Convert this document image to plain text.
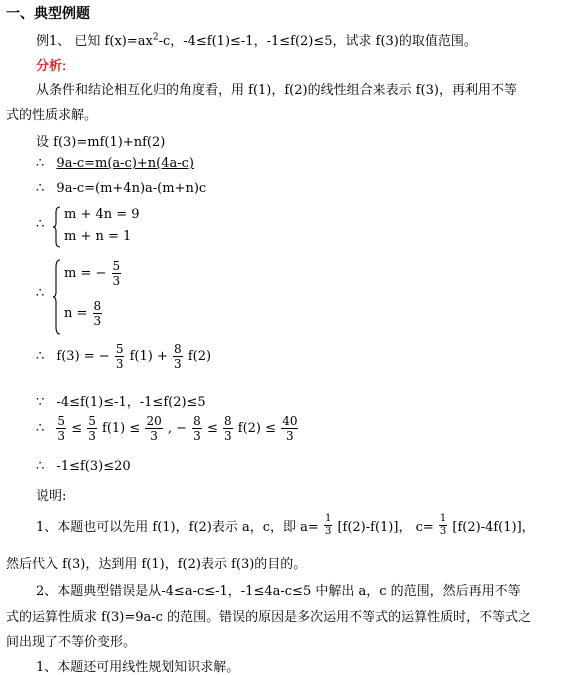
一、典型例题
例1、 已知 $f(x)=ax^2-c$，-4≤f(1)≤-1，-1≤f(2)≤5，试求 f(3)的取值范围。
分析:
从条件和结论相互化归的角度看，用 f(1)，f(2)的线性组合来表示 f(3)，再利用不等
式的性质求解。
设 f(3)=mf(1)+nf(2)
∴ 9a-c=m(a-c)+n(4a-c)
∴ 9a-c=(m+4n)a-(m+n)c
∴
m + 4n = 9
m + n = 1
∴
m = − $\frac{5}{3}$
$n = \frac{8}{3}$
∴ f(3) = − $\frac{5}{3} f(1) + \frac{8}{3} f(2)$
∵ -4≤f(1)≤-1，-1≤f(2)≤5
∴ $\frac{5}{3} \le \frac{5}{3} f(1) \le \frac{20}{3}$ , − $\frac{8}{3} \le \frac{8}{3} f(2) \le \frac{40}{3}$
∴ -1≤f(3)≤20
说明:
1、本题也可以先用 f(1)，f(2)表示 a，c，即 $a= \frac{1}{3} [f(2)-f(1)]$， $c= \frac{1}{3} [f(2)-4f(1)]$，
然后代入 f(3)，达到用 f(1)，f(2)表示 f(3)的目的。
2、本题典型错误是从-4≤a-c≤-1，-1≤4a-c≤5 中解出 a，c 的范围，然后再用不等
式的运算性质求 f(3)=9a-c 的范围。错误的原因是多次运用不等式的运算性质时，不等式之
间出现了不等价变形。
1、本题还可用线性规划知识求解。
